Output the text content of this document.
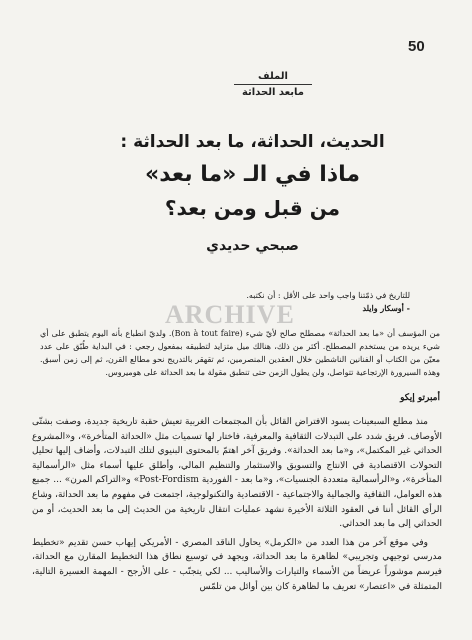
50
الملف
مابعد الحداثة
الحديث، الحداثة، ما بعد الحداثة :
ماذا في الـ «ما بعد»
من قبل ومن بعد؟
صبحي حديدي
ARCHIVE
للتاريخ في ذمّتنا واجب واحد على الأقل : أن نكتبه.
- أوسكار وايلد
من المؤسف أن «ما بعد الحداثة» مصطلح صالح لأيّ شيء (Bon à tout faire). ولديّ انطباع بأنه اليوم يتطبق على أي شيء يريده من يستخدم المصطلح. أكثر من ذلك، هنالك ميل متزايد لتطبيقه بمفعول رجعي : في البداية طُبّق على عدد معيّن من الكتاب أو الفنانين الناشطين خلال العقدين المنصرمين، ثم تقهقر بالتدريج نحو مطالع القرن، ثم إلى زمن أسبق. وهذه السيرورة الإرتجاعية تتواصل، ولن يطول الزمن حتى تنطبق مقولة ما بعد الحداثة على هوميروس.
أمبرتو إيكو

منذ مطلع السبعينات يسود الافتراض القائل بأن المجتمعات الغربية تعيش حقبة تاريخية جديدة، وصفت بشتّى الأوصاف. فريق شدد على التبدلات الثقافية والمعرفية، فاختار لها تسميات مثل «الحداثة المتأخرة»، و«المشروع الحداثي غير المكتمل»، و«ما بعد الحداثة». وفريق آخر اهتمّ بالمحتوى البنيوي لتلك التبدلات، وأضاف إليها تحليل التحولات الاقتصادية في الانتاج والتسويق والاستثمار والتنظيم المالي، وأطلق عليها أسماء مثل «الرأسمالية المتأخرة»، و«الرأسمالية متعددة الجنسيات»، و«ما بعد - الفوردية Post-Fordism» و«التراكم المرن» ... جميع هذه العوامل، الثقافية والجمالية والاجتماعية - الاقتصادية والتكنولوجية، اجتمعت في مفهوم ما بعد الحداثة، وشاع الرأي القائل أننا في العقود الثلاثة الأخيرة نشهد عمليات انتقال تاريخية من الحديث إلى ما بعد الحديث، أو من الحداثي إلى ما بعد الحداثي.

وفي موقع آخر من هذا العدد من «الكرمل» يحاول الناقد المصري - الأمريكي إيهاب حسن تقديم «تخطيط مدرسي توجيهي وتجريبي» لظاهرة ما بعد الحداثة، ويجهد في توسيع نطاق هذا التخطيط المقارن مع الحداثة، فيرسم موشوراً عريضاً من الأسماء والتيارات والأساليب ... لكي يتجنّب - على الأرجح - المهمة العسيرة التالية، المتمثلة في «اعتصار» تعريف ما لظاهرة كان بين أوائل من تلمّس
